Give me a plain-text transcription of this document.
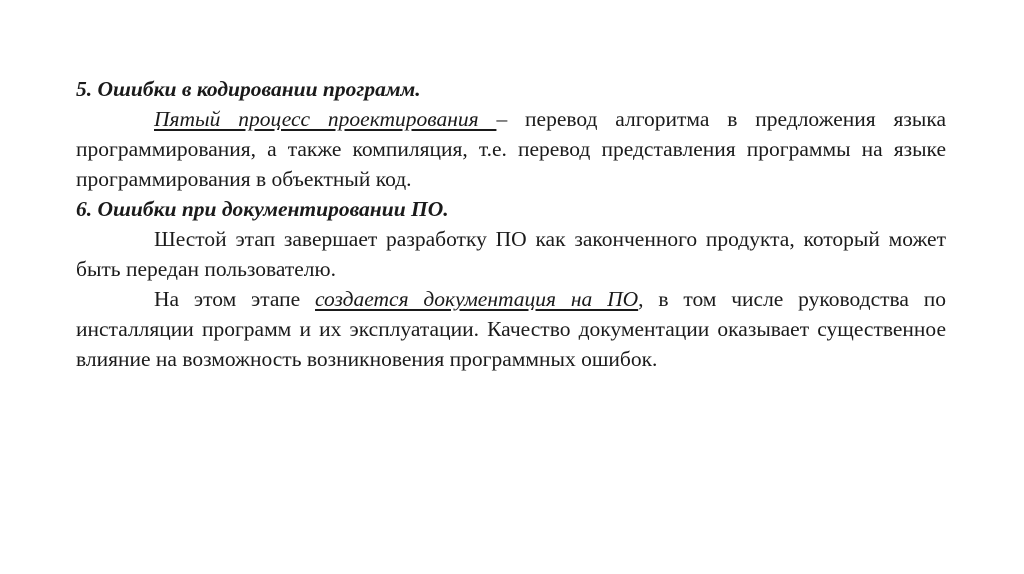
5. Ошибки в кодировании программ.

Пятый процесс проектирования – перевод алгоритма в предложения языка программирования, а также компиляция, т.е. перевод представления программы на языке программирования в объектный код.

6. Ошибки при документировании ПО.

Шестой этап завершает разработку ПО как законченного продукта, который может быть передан пользователю.

На этом этапе создается документация на ПО, в том числе руководства по инсталляции программ и их эксплуатации. Качество документации оказывает существенное влияние на возможность возникновения программных ошибок.
